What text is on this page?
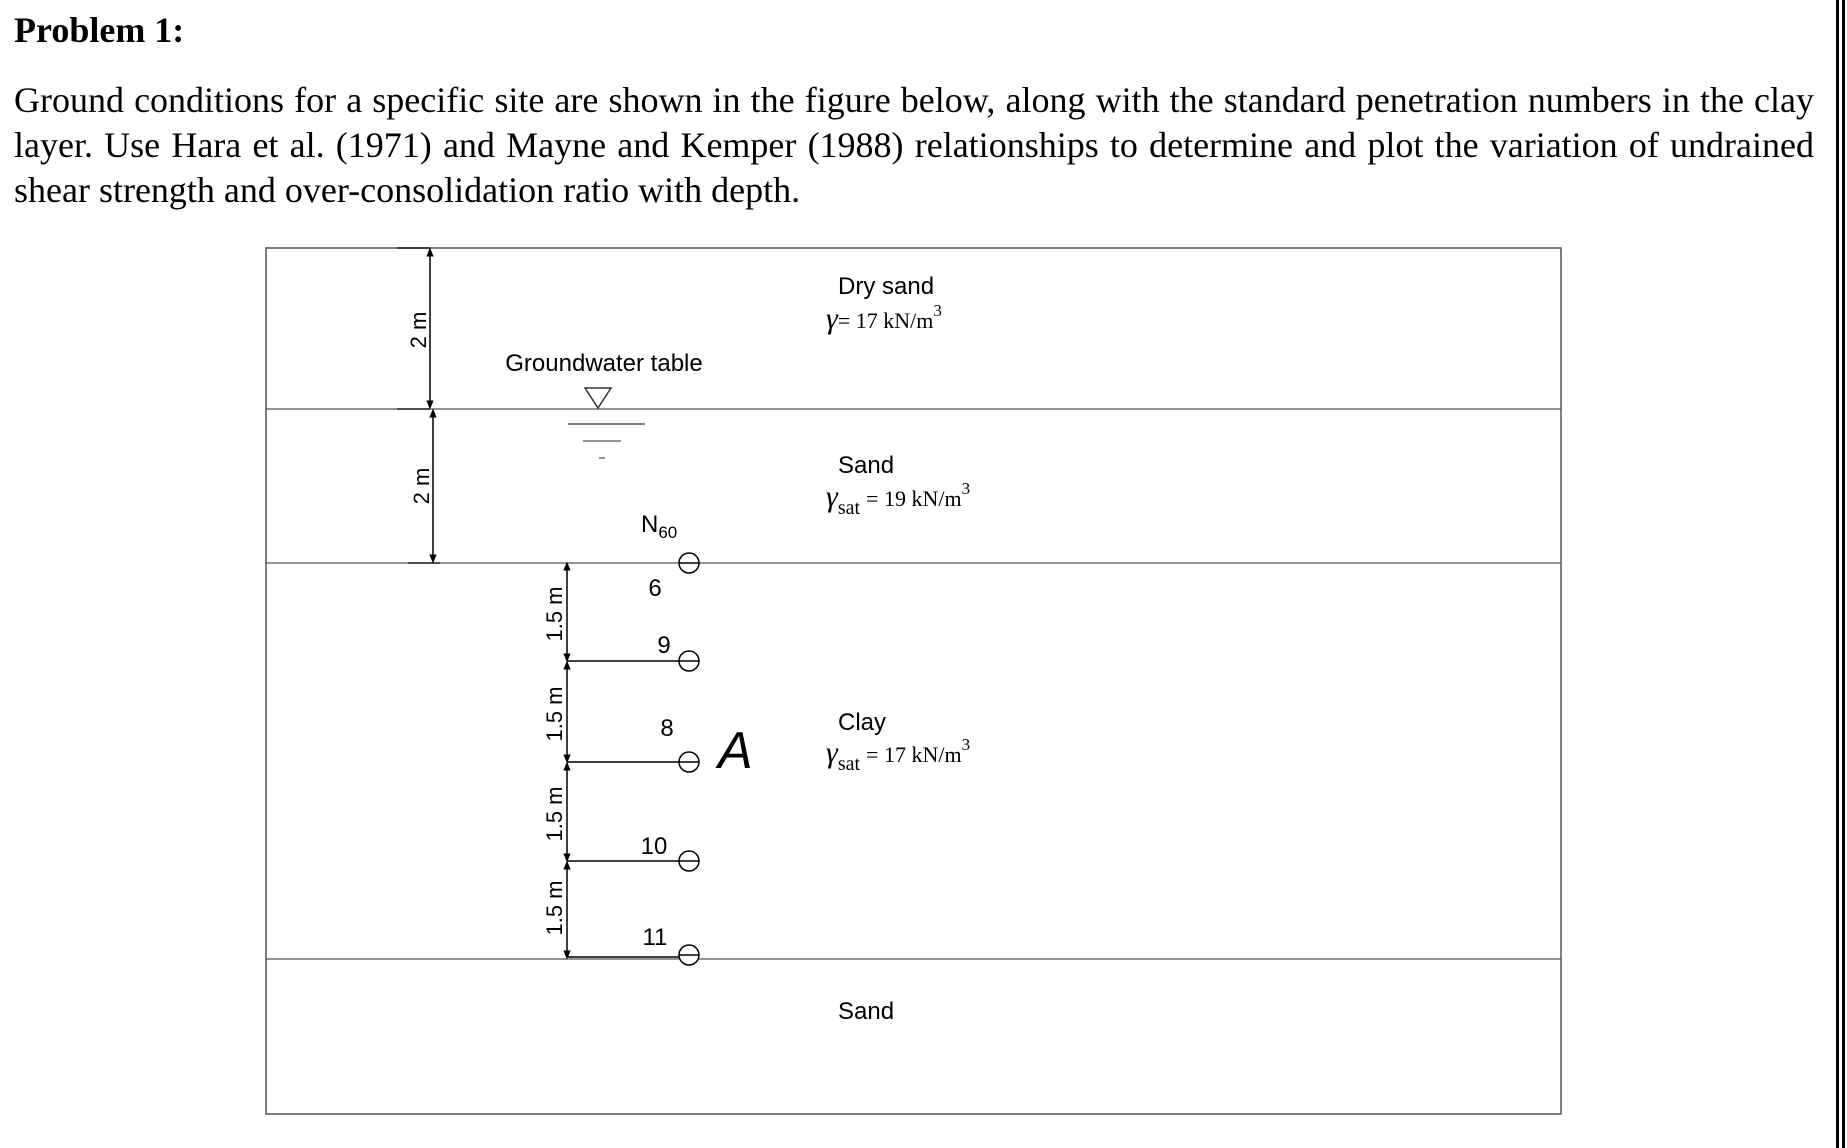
Problem 1:

Ground conditions for a specific site are shown in the figure below, along with the standard penetration numbers in the clay layer. Use Hara et al. (1971) and Mayne and Kemper (1988) relationships to determine and plot the variation of undrained shear strength and over-consolidation ratio with depth.

2 m
2 m
Groundwater table
1.5 m
1.5 m
1.5 m
1.5 m
$N_{60}$
6
9
8
10
11
A
Dry sand
γ= 17 $kN/m^3$
Sand
γsat = 19 $kN/m^3$
Clay
γsat = 17 $kN/m^3$
Sand
